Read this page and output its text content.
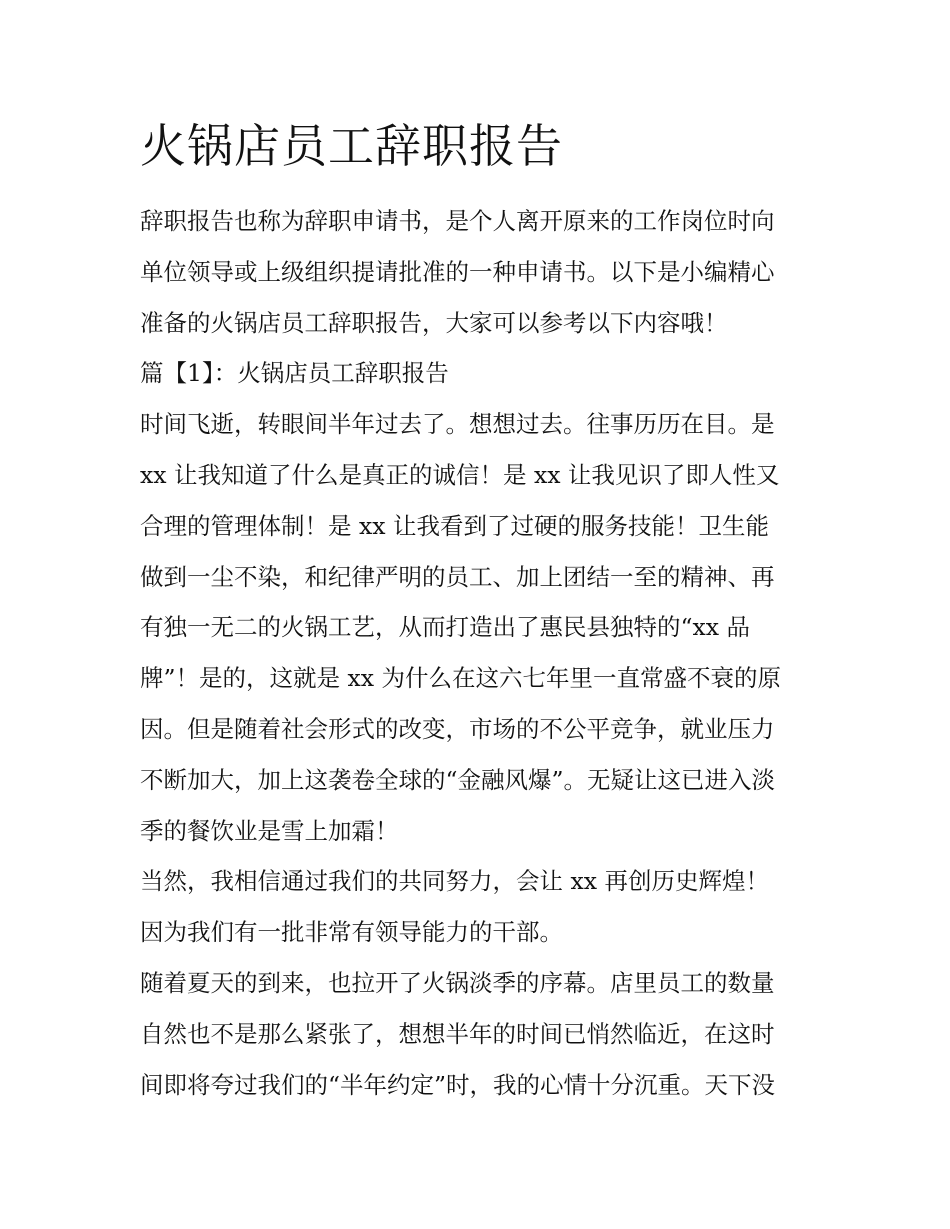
火锅店员工辞职报告

辞职报告也称为辞职申请书，是个人离开原来的工作岗位时向
单位领导或上级组织提请批准的一种申请书。以下是小编精心
准备的火锅店员工辞职报告，大家可以参考以下内容哦！

篇【1】：火锅店员工辞职报告

时间飞逝，转眼间半年过去了。想想过去。往事历历在目。是
xx 让我知道了什么是真正的诚信！是 xx 让我见识了即人性又
合理的管理体制！是 xx 让我看到了过硬的服务技能！卫生能
做到一尘不染，和纪律严明的员工、加上团结一至的精神、再
有独一无二的火锅工艺，从而打造出了惠民县独特的“xx 品
牌”！是的，这就是 xx 为什么在这六七年里一直常盛不衰的原
因。但是随着社会形式的改变，市场的不公平竞争，就业压力
不断加大，加上这袭卷全球的“金融风爆”。无疑让这已进入淡
季的餐饮业是雪上加霜！

当然，我相信通过我们的共同努力，会让 xx 再创历史辉煌！
因为我们有一批非常有领导能力的干部。

随着夏天的到来，也拉开了火锅淡季的序幕。店里员工的数量
自然也不是那么紧张了，想想半年的时间已悄然临近，在这时
间即将夸过我们的“半年约定”时，我的心情十分沉重。天下没
